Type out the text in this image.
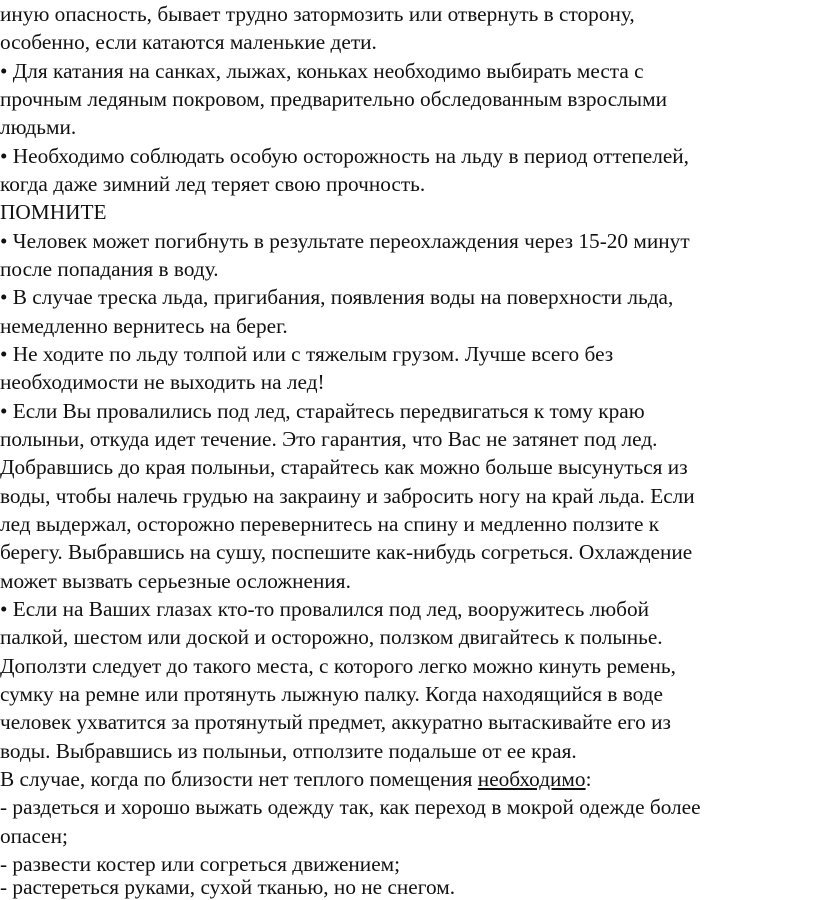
иную опасность, бывает трудно затормозить или отвернуть в сторону,
особенно, если катаются маленькие дети.
• Для катания на санках, лыжах, коньках необходимо выбирать места с
прочным ледяным покровом, предварительно обследованным взрослыми
людьми.
• Необходимо соблюдать особую осторожность на льду в период оттепелей,
когда даже зимний лед теряет свою прочность.
ПОМНИТЕ
• Человек может погибнуть в результате переохлаждения через 15-20 минут
после попадания в воду.
• В случае треска льда, пригибания, появления воды на поверхности льда,
немедленно вернитесь на берег.
• Не ходите по льду толпой или с тяжелым грузом. Лучше всего без
необходимости не выходить на лед!
• Если Вы провалились под лед, старайтесь передвигаться к тому краю
полыньи, откуда идет течение. Это гарантия, что Вас не затянет под лед.
Добравшись до края полыньи, старайтесь как можно больше высунуться из
воды, чтобы налечь грудью на закраину и забросить ногу на край льда. Если
лед выдержал, осторожно перевернитесь на спину и медленно ползите к
берегу. Выбравшись на сушу, поспешите как-нибудь согреться. Охлаждение
может вызвать серьезные осложнения.
• Если на Ваших глазах кто-то провалился под лед, вооружитесь любой
палкой, шестом или доской и осторожно, ползком двигайтесь к полынье.
Доползти следует до такого места, с которого легко можно кинуть ремень,
сумку на ремне или протянуть лыжную палку. Когда находящийся в воде
человек ухватится за протянутый предмет, аккуратно вытаскивайте его из
воды. Выбравшись из полыньи, отползите подальше от ее края.
В случае, когда по близости нет теплого помещения необходимо:
- раздеться и хорошо выжать одежду так, как переход в мокрой одежде более
опасен;
- развести костер или согреться движением;
- растереться руками, сухой тканью, но не снегом.
